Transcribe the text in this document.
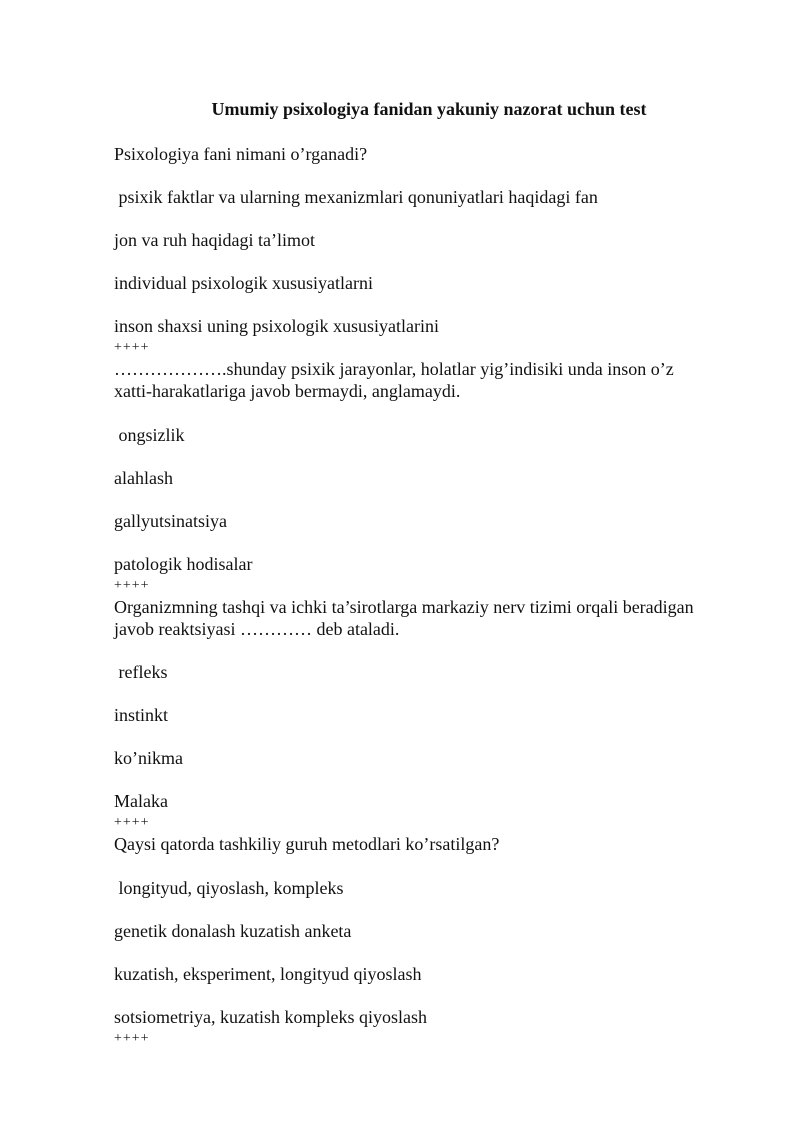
Umumiy psixologiya fanidan yakuniy nazorat uchun test
Psixologiya fani nimani o’rganadi?
psixik faktlar va ularning mexanizmlari qonuniyatlari haqidagi fan
jon va ruh haqidagi ta’limot
individual psixologik xususiyatlarni
inson shaxsi uning psixologik xususiyatlarini
++++
……………….shunday psixik jarayonlar, holatlar yig’indisiki unda inson o’z
xatti-harakatlariga javob bermaydi, anglamaydi.
ongsizlik
alahlash
gallyutsinatsiya
patologik hodisalar
++++
Organizmning tashqi va ichki ta’sirotlarga markaziy nerv tizimi orqali beradigan
javob reaktsiyasi ………… deb ataladi.
refleks
instinkt
ko’nikma
Malaka
++++
Qaysi qatorda tashkiliy guruh metodlari ko’rsatilgan?
longityud, qiyoslash, kompleks
genetik donalash kuzatish anketa
kuzatish, eksperiment, longityud qiyoslash
sotsiometriya, kuzatish kompleks qiyoslash
++++
